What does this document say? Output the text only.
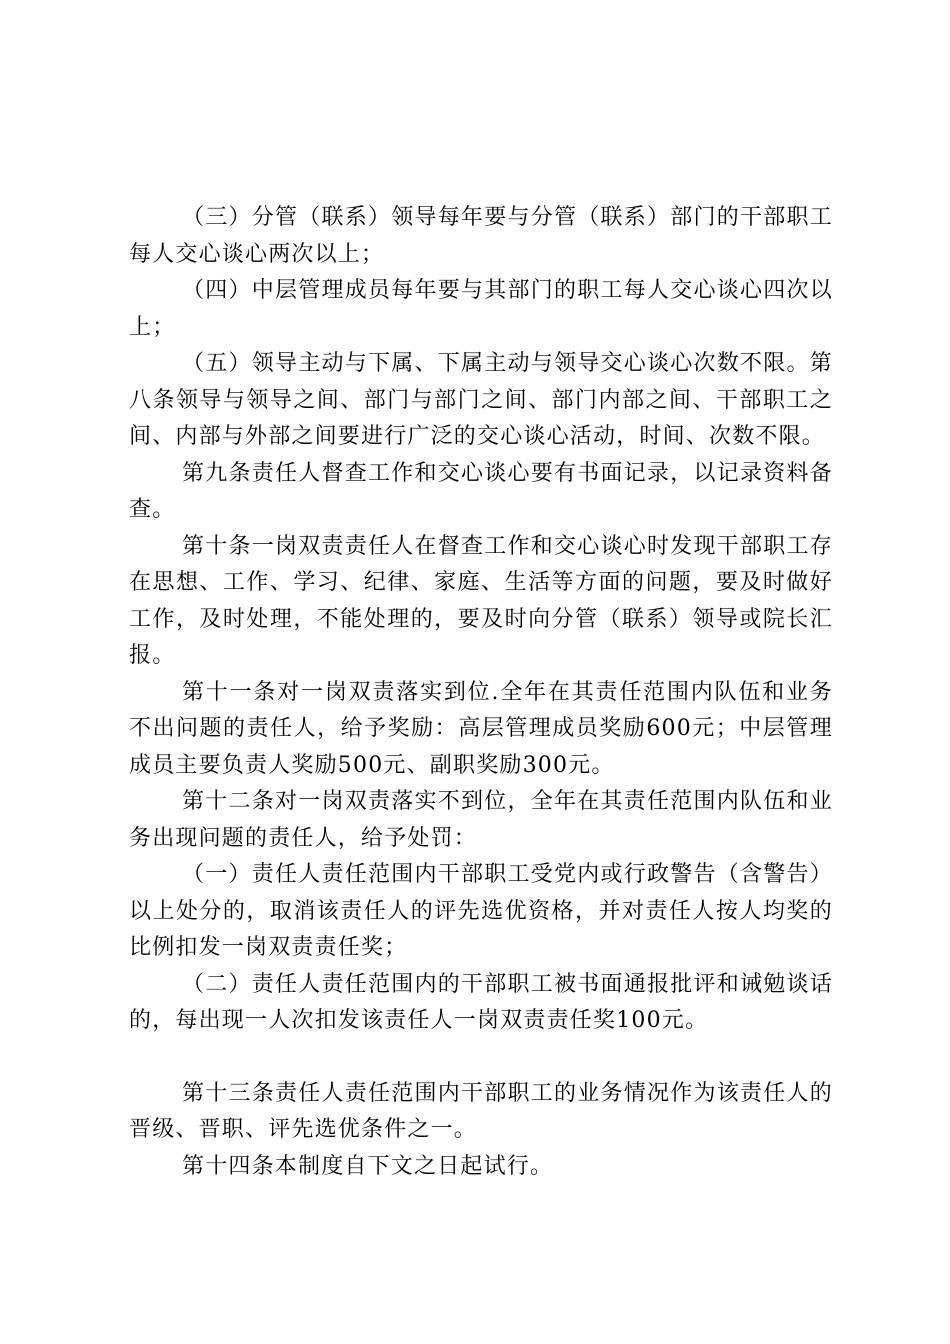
（三）分管（联系）领导每年要与分管（联系）部门的干部职工每人交心谈心两次以上；

（四）中层管理成员每年要与其部门的职工每人交心谈心四次以上；

（五）领导主动与下属、下属主动与领导交心谈心次数不限。第八条领导与领导之间、部门与部门之间、部门内部之间、干部职工之间、内部与外部之间要进行广泛的交心谈心活动，时间、次数不限。

第九条责任人督查工作和交心谈心要有书面记录，以记录资料备查。

第十条一岗双责责任人在督查工作和交心谈心时发现干部职工存在思想、工作、学习、纪律、家庭、生活等方面的问题，要及时做好工作，及时处理，不能处理的，要及时向分管（联系）领导或院长汇报。

第十一条对一岗双责落实到位.全年在其责任范围内队伍和业务不出问题的责任人，给予奖励：高层管理成员奖励600元；中层管理成员主要负责人奖励500元、副职奖励300元。

第十二条对一岗双责落实不到位，全年在其责任范围内队伍和业务出现问题的责任人，给予处罚：

（一）责任人责任范围内干部职工受党内或行政警告（含警告）以上处分的，取消该责任人的评先选优资格，并对责任人按人均奖的比例扣发一岗双责责任奖；

（二）责任人责任范围内的干部职工被书面通报批评和诫勉谈话的，每出现一人次扣发该责任人一岗双责责任奖100元。

第十三条责任人责任范围内干部职工的业务情况作为该责任人的晋级、晋职、评先选优条件之一。

第十四条本制度自下文之日起试行。
